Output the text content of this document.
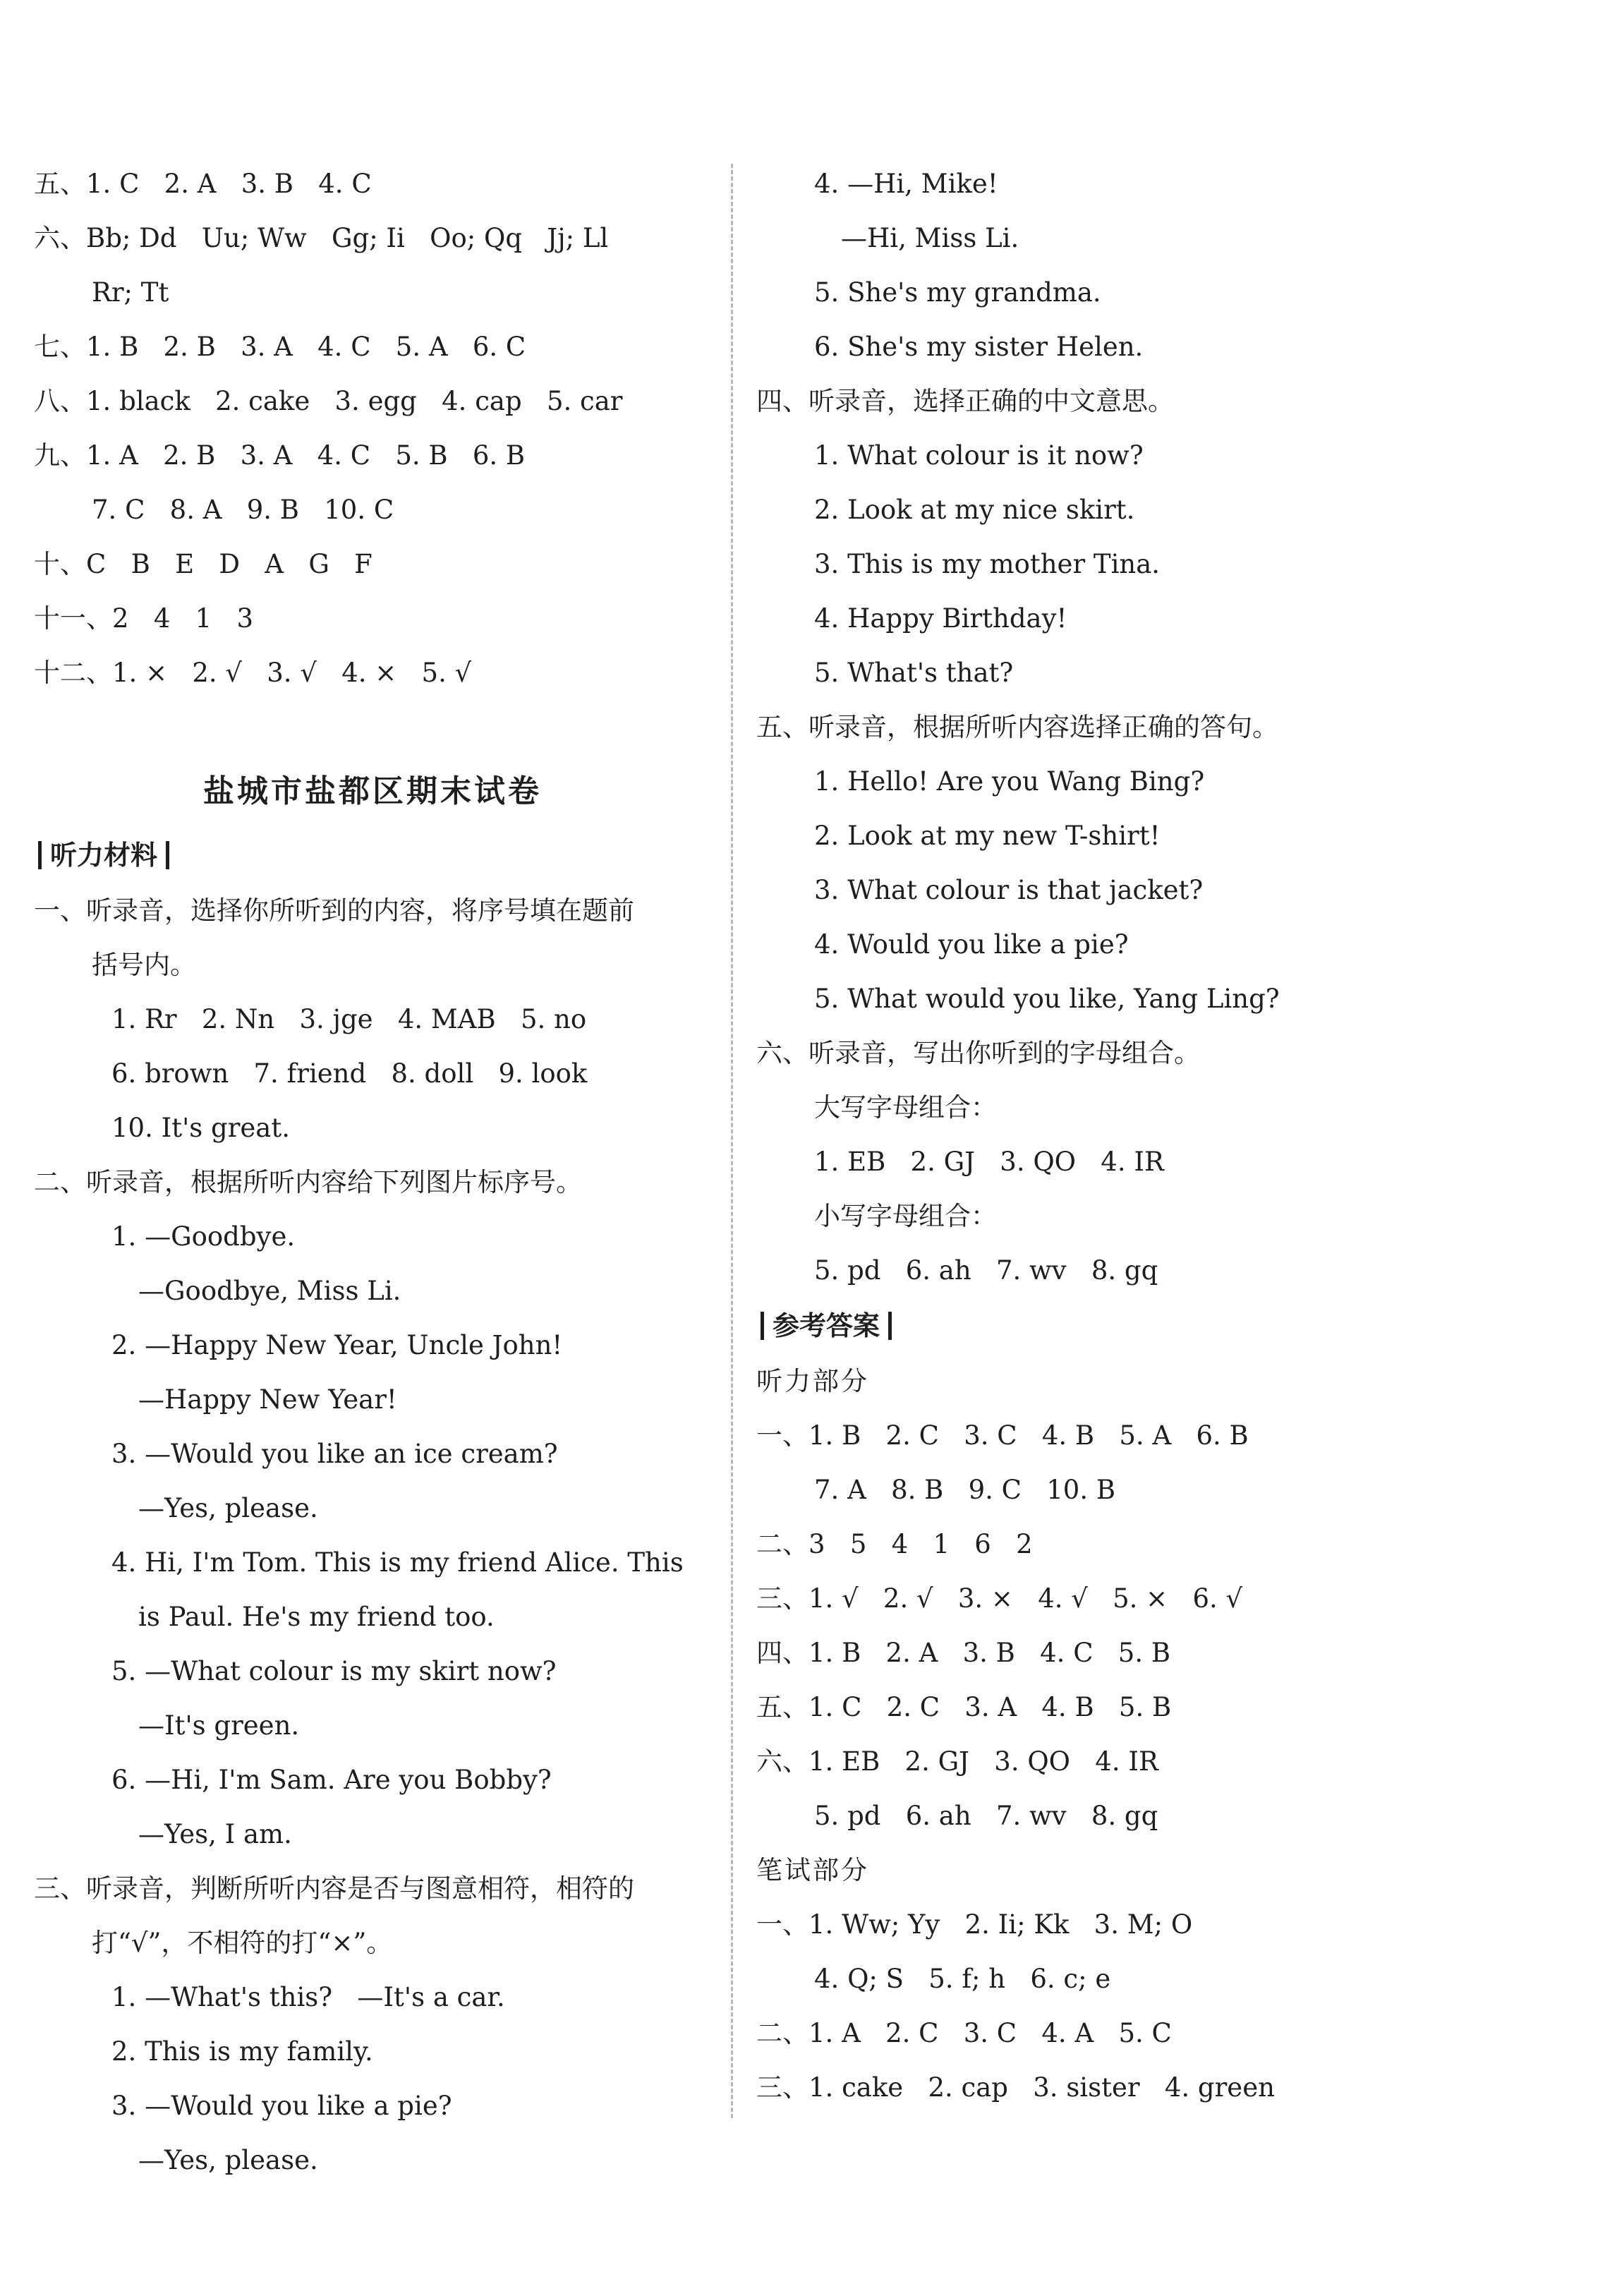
五、1. C   2. A   3. B   4. C
六、Bb; Dd   Uu; Ww   Gg; Ii   Oo; Qq   Jj; Ll
Rr; Tt
七、1. B   2. B   3. A   4. C   5. A   6. C
八、1. black   2. cake   3. egg   4. cap   5. car
九、1. A   2. B   3. A   4. C   5. B   6. B
7. C   8. A   9. B   10. C
十、C   B   E   D   A   G   F
十一、2   4   1   3
十二、1. ×   2. √   3. √   4. ×   5. √
盐城市盐都区期末试卷
听力材料
一、听录音，选择你所听到的内容，将序号填在题前
括号内。
1. Rr   2. Nn   3. jge   4. MAB   5. no
6. brown   7. friend   8. doll   9. look
10. It's great.
二、听录音，根据所听内容给下列图片标序号。
1. —Goodbye.
—Goodbye, Miss Li.
2. —Happy New Year, Uncle John!
—Happy New Year!
3. —Would you like an ice cream?
—Yes, please.
4. Hi, I'm Tom. This is my friend Alice. This
is Paul. He's my friend too.
5. —What colour is my skirt now?
—It's green.
6. —Hi, I'm Sam. Are you Bobby?
—Yes, I am.
三、听录音，判断所听内容是否与图意相符，相符的
打“√”，不相符的打“×”。
1. —What's this?   —It's a car.
2. This is my family.
3. —Would you like a pie?
—Yes, please.
4. —Hi, Mike!
—Hi, Miss Li.
5. She's my grandma.
6. She's my sister Helen.
四、听录音，选择正确的中文意思。
1. What colour is it now?
2. Look at my nice skirt.
3. This is my mother Tina.
4. Happy Birthday!
5. What's that?
五、听录音，根据所听内容选择正确的答句。
1. Hello! Are you Wang Bing?
2. Look at my new T-shirt!
3. What colour is that jacket?
4. Would you like a pie?
5. What would you like, Yang Ling?
六、听录音，写出你听到的字母组合。
大写字母组合：
1. EB   2. GJ   3. QO   4. IR
小写字母组合：
5. pd   6. ah   7. wv   8. gq
参考答案
听力部分
一、1. B   2. C   3. C   4. B   5. A   6. B
7. A   8. B   9. C   10. B
二、3   5   4   1   6   2
三、1. √   2. √   3. ×   4. √   5. ×   6. √
四、1. B   2. A   3. B   4. C   5. B
五、1. C   2. C   3. A   4. B   5. B
六、1. EB   2. GJ   3. QO   4. IR
5. pd   6. ah   7. wv   8. gq
笔试部分
一、1. Ww; Yy   2. Ii; Kk   3. M; O
4. Q; S   5. f; h   6. c; e
二、1. A   2. C   3. C   4. A   5. C
三、1. cake   2. cap   3. sister   4. green
